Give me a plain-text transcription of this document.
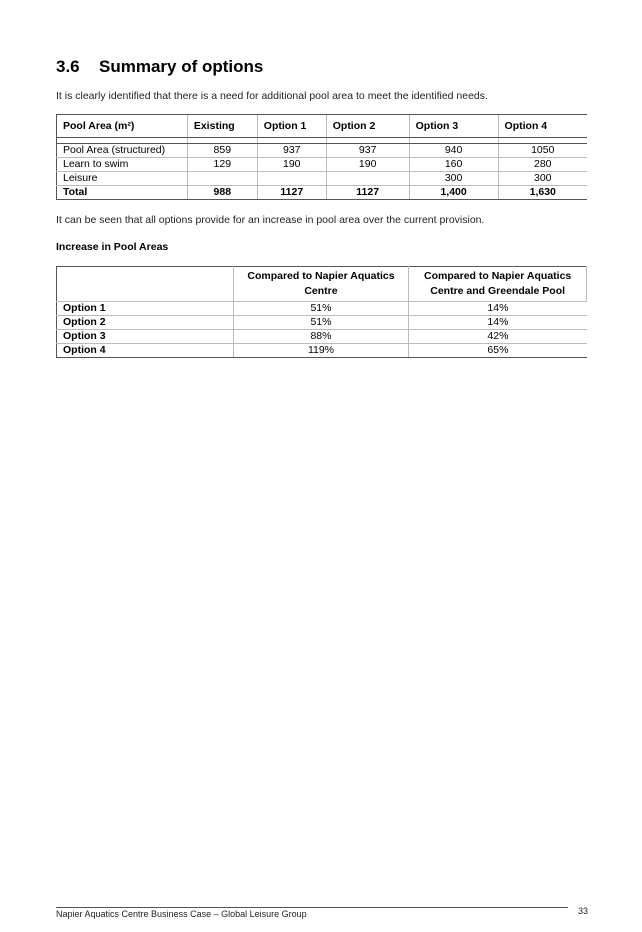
3.6 Summary of options
It is clearly identified that there is a need for additional pool area to meet the identified needs.
Pool Area (m²)	Existing	Option 1	Option 2	Option 3	Option 4

Pool Area (structured)	859	937	937	940	1050
Learn to swim	129	190	190	160	280
Leisure				300	300
Total	988	1127	1127	1,400	1,630
It can be seen that all options provide for an increase in pool area over the current provision.
Increase in Pool Areas
	Compared to Napier Aquatics Centre	Compared to Napier Aquatics Centre and Greendale Pool
Option 1	51%	14%
Option 2	51%	14%
Option 3	88%	42%
Option 4	119%	65%
Napier Aquatics Centre Business Case – Global Leisure Group	33
